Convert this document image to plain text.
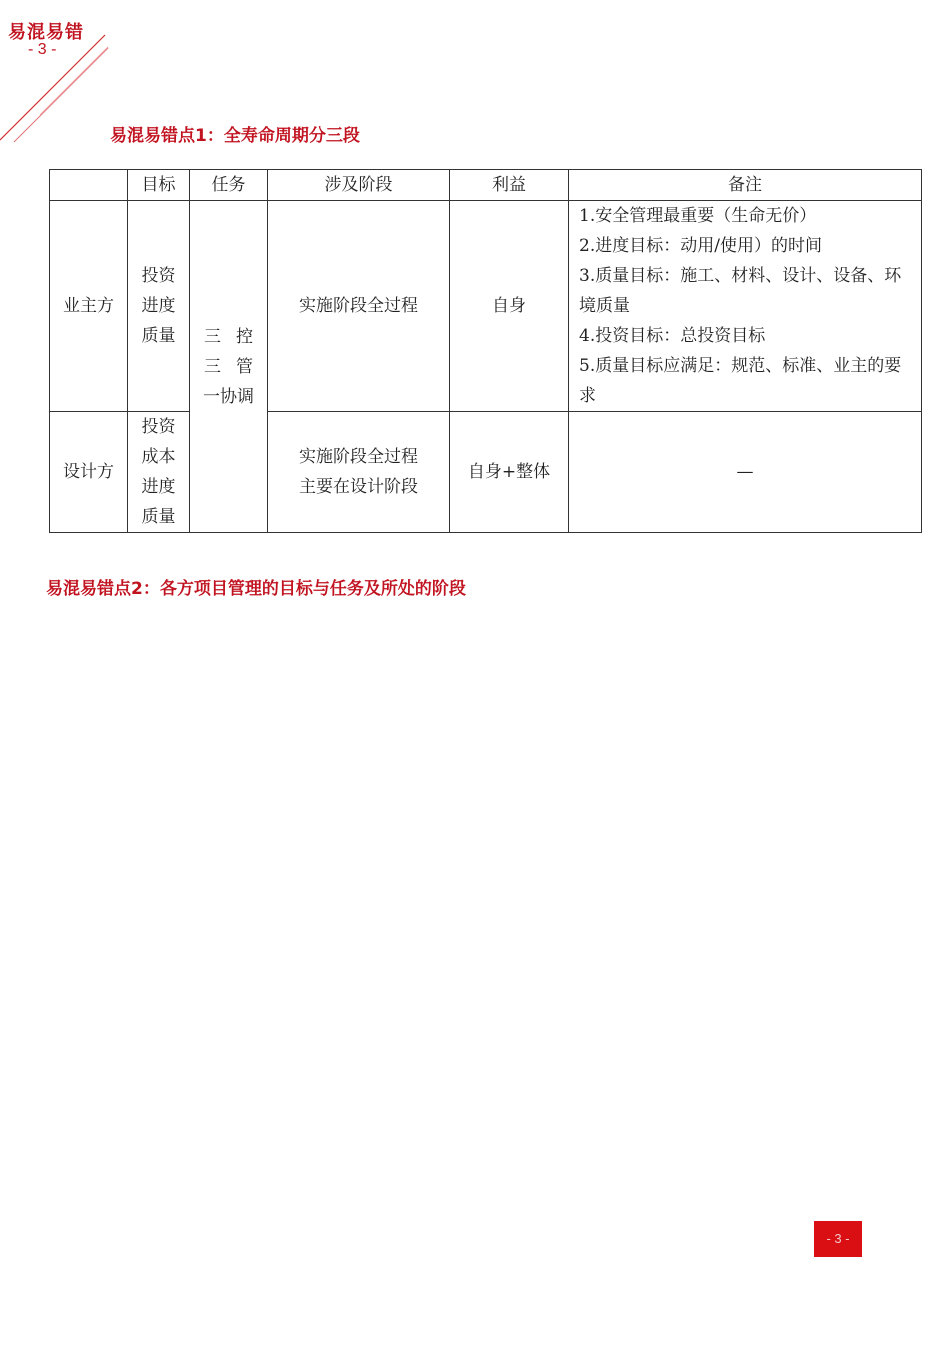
易混易错
- 3 -
易混易错点1：全寿命周期分三段
	目标	任务	涉及阶段	利益	备注
业主方	投资
进度
质量	三 控
三 管
一协调	实施阶段全过程	自身	1.安全管理最重要（生命无价）
2.进度目标：动用/使用）的时间
3.质量目标：施工、材料、设计、设备、环境质量
4.投资目标：总投资目标
5.质量目标应满足：规范、标准、业主的要求

设计方	投资
成本
进度
质量		实施阶段全过程
主要在设计阶段	自身+整体	—
易混易错点2：各方项目管理的目标与任务及所处的阶段
- 3 -
